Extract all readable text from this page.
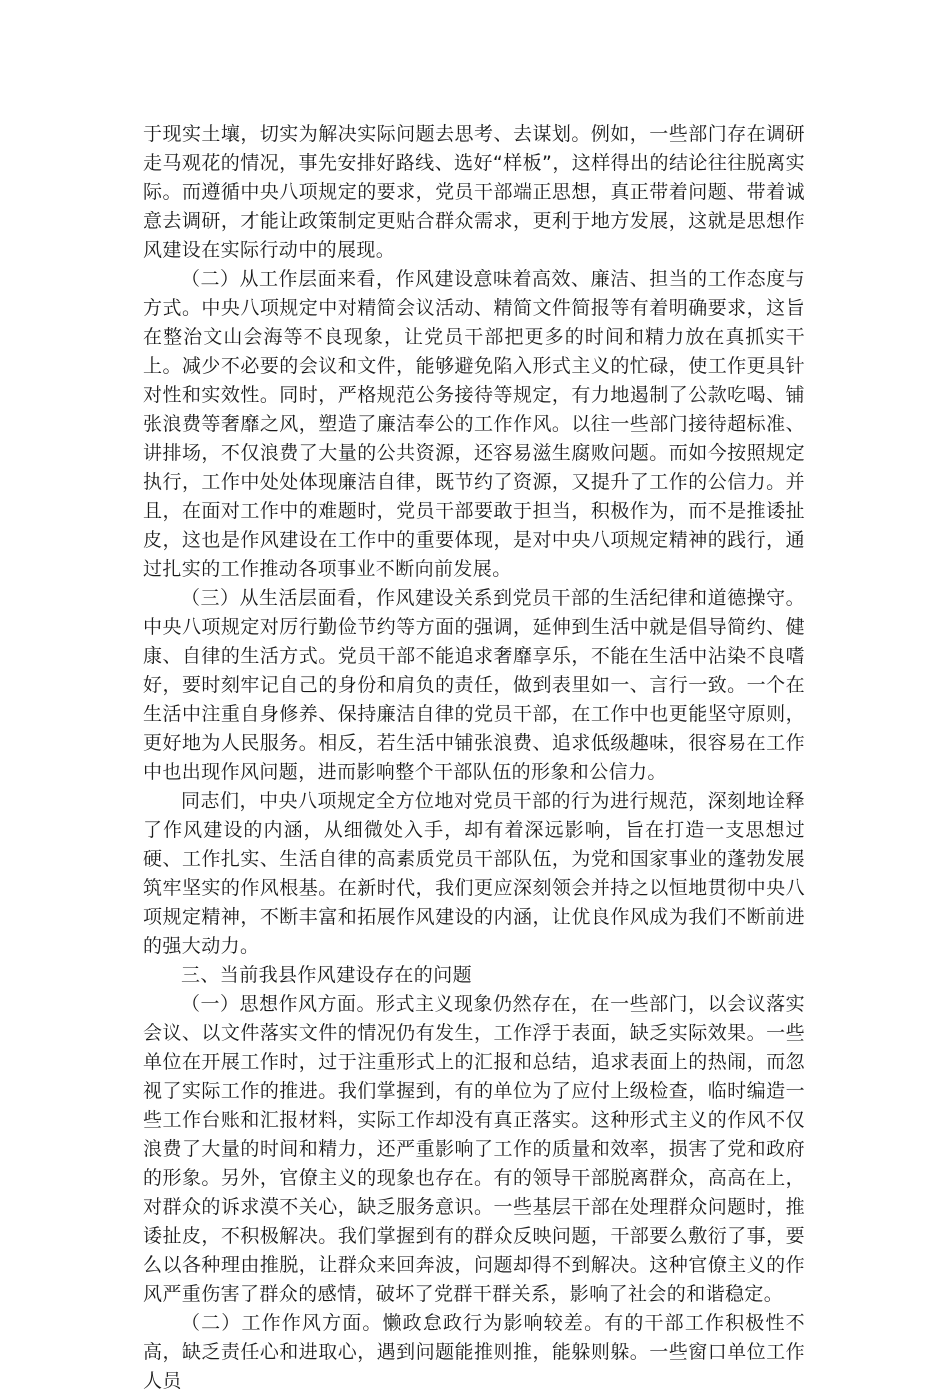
于现实土壤，切实为解决实际问题去思考、去谋划。例如，一些部门存在调研走马观花的情况，事先安排好路线、选好“样板”，这样得出的结论往往脱离实际。而遵循中央八项规定的要求，党员干部端正思想，真正带着问题、带着诚意去调研，才能让政策制定更贴合群众需求，更利于地方发展，这就是思想作风建设在实际行动中的展现。

（二）从工作层面来看，作风建设意味着高效、廉洁、担当的工作态度与方式。中央八项规定中对精简会议活动、精简文件简报等有着明确要求，这旨在整治文山会海等不良现象，让党员干部把更多的时间和精力放在真抓实干上。减少不必要的会议和文件，能够避免陷入形式主义的忙碌，使工作更具针对性和实效性。同时，严格规范公务接待等规定，有力地遏制了公款吃喝、铺张浪费等奢靡之风，塑造了廉洁奉公的工作作风。以往一些部门接待超标准、讲排场，不仅浪费了大量的公共资源，还容易滋生腐败问题。而如今按照规定执行，工作中处处体现廉洁自律，既节约了资源，又提升了工作的公信力。并且，在面对工作中的难题时，党员干部要敢于担当，积极作为，而不是推诿扯皮，这也是作风建设在工作中的重要体现，是对中央八项规定精神的践行，通过扎实的工作推动各项事业不断向前发展。

（三）从生活层面看，作风建设关系到党员干部的生活纪律和道德操守。中央八项规定对厉行勤俭节约等方面的强调，延伸到生活中就是倡导简约、健康、自律的生活方式。党员干部不能追求奢靡享乐，不能在生活中沾染不良嗜好，要时刻牢记自己的身份和肩负的责任，做到表里如一、言行一致。一个在生活中注重自身修养、保持廉洁自律的党员干部，在工作中也更能坚守原则，更好地为人民服务。相反，若生活中铺张浪费、追求低级趣味，很容易在工作中也出现作风问题，进而影响整个干部队伍的形象和公信力。

同志们，中央八项规定全方位地对党员干部的行为进行规范，深刻地诠释了作风建设的内涵，从细微处入手，却有着深远影响，旨在打造一支思想过硬、工作扎实、生活自律的高素质党员干部队伍，为党和国家事业的蓬勃发展筑牢坚实的作风根基。在新时代，我们更应深刻领会并持之以恒地贯彻中央八项规定精神，不断丰富和拓展作风建设的内涵，让优良作风成为我们不断前进的强大动力。

三、当前我县作风建设存在的问题

（一）思想作风方面。形式主义现象仍然存在，在一些部门，以会议落实会议、以文件落实文件的情况仍有发生，工作浮于表面，缺乏实际效果。一些单位在开展工作时，过于注重形式上的汇报和总结，追求表面上的热闹，而忽视了实际工作的推进。我们掌握到，有的单位为了应付上级检查，临时编造一些工作台账和汇报材料，实际工作却没有真正落实。这种形式主义的作风不仅浪费了大量的时间和精力，还严重影响了工作的质量和效率，损害了党和政府的形象。另外，官僚主义的现象也存在。有的领导干部脱离群众，高高在上，对群众的诉求漠不关心，缺乏服务意识。一些基层干部在处理群众问题时，推诿扯皮，不积极解决。我们掌握到有的群众反映问题，干部要么敷衍了事，要么以各种理由推脱，让群众来回奔波，问题却得不到解决。这种官僚主义的作风严重伤害了群众的感情，破坏了党群干群关系，影响了社会的和谐稳定。

（二）工作作风方面。懒政怠政行为影响较差。有的干部工作积极性不高，缺乏责任心和进取心，遇到问题能推则推，能躲则躲。一些窗口单位工作人员
